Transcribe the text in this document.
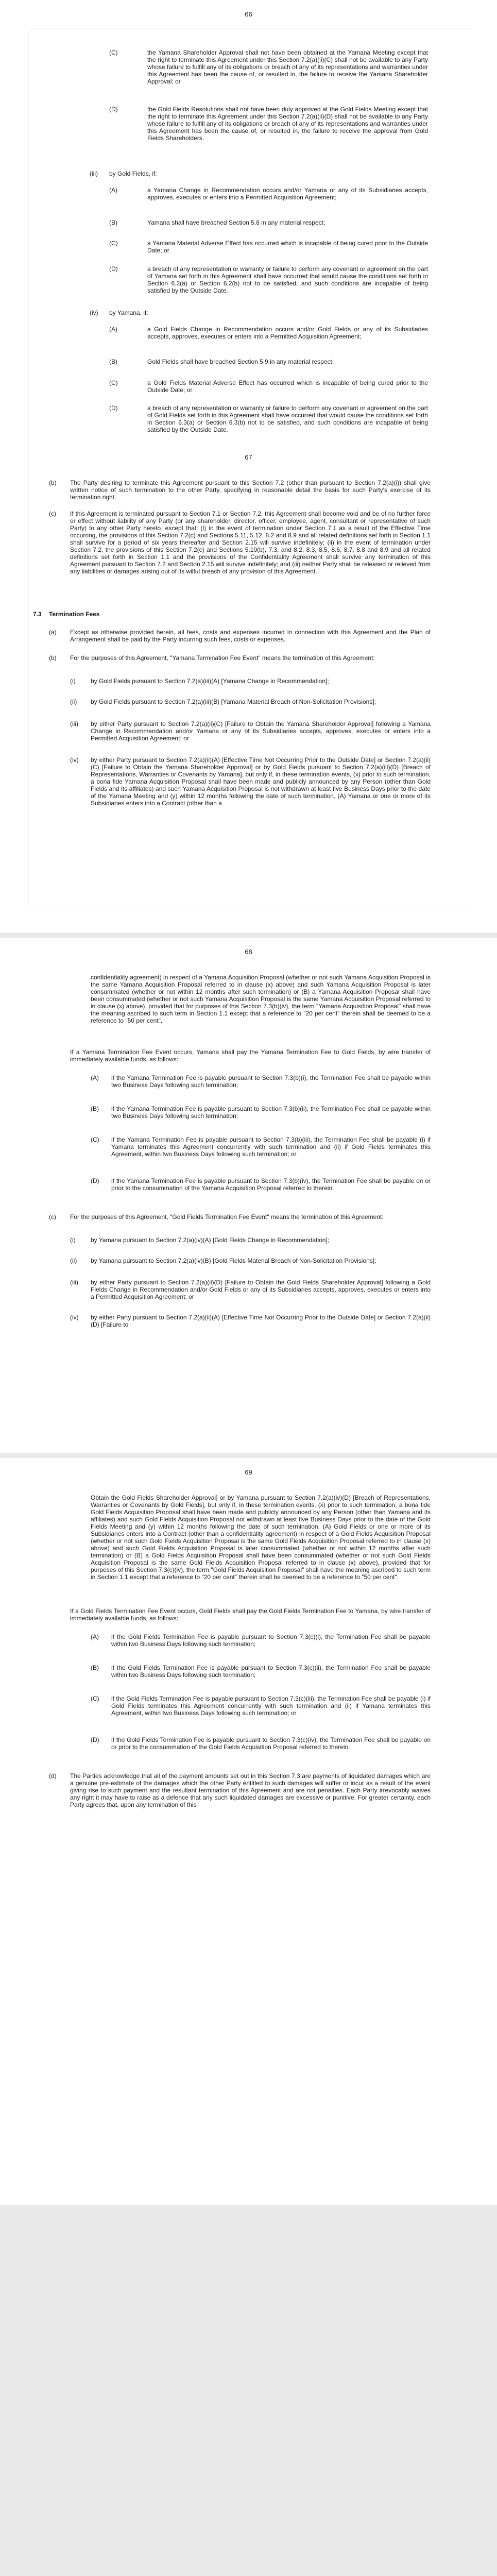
66
(C)	the Yamana Shareholder Approval shall not have been obtained at the Yamana Meeting except that the right to terminate this Agreement under this Section 7.2(a)(ii)(C) shall not be available to any Party whose failure to fulfill any of its obligations or breach of any of its representations and warranties under this Agreement has been the cause of, or resulted in, the failure to receive the Yamana Shareholder Approval; or

(D)	the Gold Fields Resolutions shall not have been duly approved at the Gold Fields Meeting except that the right to terminate this Agreement under this Section 7.2(a)(ii)(D) shall not be available to any Party whose failure to fulfill any of its obligations or breach of any of its representations and warranties under this Agreement has been the cause of, or resulted in, the failure to receive the approval from Gold Fields Shareholders.

(iii) by Gold Fields, if:

(A)	a Yamana Change in Recommendation occurs and/or Yamana or any of its Subsidiaries accepts, approves, executes or enters into a Permitted Acquisition Agreement;

(B)	Yamana shall have breached Section 5.8 in any material respect;

(C)	a Yamana Material Adverse Effect has occurred which is incapable of being cured prior to the Outside Date; or

(D)	a breach of any representation or warranty or failure to perform any covenant or agreement on the part of Yamana set forth in this Agreement shall have occurred that would cause the conditions set forth in Section 6.2(a) or Section 6.2(b) not to be satisfied, and such conditions are incapable of being satisfied by the Outside Date.

(iv) by Yamana, if:

(A)	a Gold Fields Change in Recommendation occurs and/or Gold Fields or any of its Subsidiaries accepts, approves, executes or enters into a Permitted Acquisition Agreement;

(B)	Gold Fields shall have breached Section 5.9 in any material respect;

(C)	a Gold Fields Material Adverse Effect has occurred which is incapable of being cured prior to the Outside Date; or

(D)	a breach of any representation or warranty or failure to perform any covenant or agreement on the part of Gold Fields set forth in this Agreement shall have occurred that would cause the conditions set forth in Section 6.3(a) or Section 6.3(b) not to be satisfied, and such conditions are incapable of being satisfied by the Outside Date.

67
(b) The Party desiring to terminate this Agreement pursuant to this Section 7.2 (other than pursuant to Section 7.2(a)(i)) shall give written notice of such termination to the other Party, specifying in reasonable detail the basis for such Party's exercise of its termination right.

(c) If this Agreement is terminated pursuant to Section 7.1 or Section 7.2, this Agreement shall become void and be of no further force or effect without liability of any Party (or any shareholder, director, officer, employee, agent, consultant or representative of such Party) to any other Party hereto, except that: (i) in the event of termination under Section 7.1 as a result of the Effective Time occurring, the provisions of this Section 7.2(c) and Sections 5.11, 5.12, 8.2 and 8.9 and all related definitions set forth in Section 1.1 shall survive for a period of six years thereafter and Section 2.15 will survive indefinitely; (ii) in the event of termination under Section 7.2, the provisions of this Section 7.2(c) and Sections 5.10(b), 7.3, and 8.2, 8.3, 8.5, 8.6, 8.7, 8.8 and 8.9 and all related definitions set forth in Section 1.1 and the provisions of the Confidentiality Agreement shall survive any termination of this Agreement pursuant to Section 7.2 and Section 2.15 will survive indefinitely; and (iii) neither Party shall be released or relieved from any liabilities or damages arising out of its wilful breach of any provision of this Agreement.

7.3 Termination Fees
(a) Except as otherwise provided herein, all fees, costs and expenses incurred in connection with this Agreement and the Plan of Arrangement shall be paid by the Party incurring such fees, costs or expenses.

(b) For the purposes of this Agreement, "Yamana Termination Fee Event" means the termination of this Agreement:

(i) by Gold Fields pursuant to Section 7.2(a)(iii)(A) [Yamana Change in Recommendation];

(ii) by Gold Fields pursuant to Section 7.2(a)(iii)(B) [Yamana Material Breach of Non-Solicitation Provisions];

(iii) by either Party pursuant to Section 7.2(a)(ii)(C) [Failure to Obtain the Yamana Shareholder Approval] following a Yamana Change in Recommendation and/or Yamana or any of its Subsidiaries accepts, approves, executes or enters into a Permitted Acquisition Agreement; or

(iv) by either Party pursuant to Section 7.2(a)(ii)(A) [Effective Time Not Occurring Prior to the Outside Date] or Section 7.2(a)(ii)(C) [Failure to Obtain the Yamana Shareholder Approval] or by Gold Fields pursuant to Section 7.2(a)(iii)(D) [Breach of Representations, Warranties or Covenants by Yamana], but only if, in these termination events, (x) prior to such termination, a bona fide Yamana Acquisition Proposal shall have been made and publicly announced by any Person (other than Gold Fields and its affiliates) and such Yamana Acquisition Proposal is not withdrawn at least five Business Days prior to the date of the Yamana Meeting and (y) within 12 months following the date of such termination, (A) Yamana or one or more of its Subsidiaries enters into a Contract (other than a

68

confidentiality agreement) in respect of a Yamana Acquisition Proposal (whether or not such Yamana Acquisition Proposal is the same Yamana Acquisition Proposal referred to in clause (x) above) and such Yamana Acquisition Proposal is later consummated (whether or not within 12 months after such termination) or (B) a Yamana Acquisition Proposal shall have been consummated (whether or not such Yamana Acquisition Proposal is the same Yamana Acquisition Proposal referred to in clause (x) above), provided that for purposes of this Section 7.3(b)(iv), the term "Yamana Acquisition Proposal" shall have the meaning ascribed to such term in Section 1.1 except that a reference to "20 per cent" therein shall be deemed to be a reference to "50 per cent".

If a Yamana Termination Fee Event occurs, Yamana shall pay the Yamana Termination Fee to Gold Fields, by wire transfer of immediately available funds, as follows:

(A) if the Yamana Termination Fee is payable pursuant to Section 7.3(b)(i), the Termination Fee shall be payable within two Business Days following such termination;

(B) if the Yamana Termination Fee is payable pursuant to Section 7.3(b)(ii), the Termination Fee shall be payable within two Business Days following such termination;

(C) if the Yamana Termination Fee is payable pursuant to Section 7.3(b)(iii), the Termination Fee shall be payable (i) if Yamana terminates this Agreement concurrently with such termination and (ii) if Gold Fields terminates this Agreement, within two Business Days following such termination; or

(D) if the Yamana Termination Fee is payable pursuant to Section 7.3(b)(iv), the Termination Fee shall be payable on or prior to the consummation of the Yamana Acquisition Proposal referred to therein.

(c) For the purposes of this Agreement, "Gold Fields Termination Fee Event" means the termination of this Agreement:

(i) by Yamana pursuant to Section 7.2(a)(iv)(A) [Gold Fields Change in Recommendation];

(ii) by Yamana pursuant to Section 7.2(a)(iv)(B) [Gold Fields Material Breach of Non-Solicitation Provisions];

(iii) by either Party pursuant to Section 7.2(a)(ii)(D) [Failure to Obtain the Gold Fields Shareholder Approval] following a Gold Fields Change in Recommendation and/or Gold Fields or any of its Subsidiaries accepts, approves, executes or enters into a Permitted Acquisition Agreement; or

(iv) by either Party pursuant to Section 7.2(a)(ii)(A) [Effective Time Not Occurring Prior to the Outside Date] or Section 7.2(a)(ii)(D) [Failure to

69

Obtain the Gold Fields Shareholder Approval] or by Yamana pursuant to Section 7.2(a)(iv)(D) [Breach of Representations, Warranties or Covenants by Gold Fields], but only if, in these termination events, (x) prior to such termination, a bona fide Gold Fields Acquisition Proposal shall have been made and publicly announced by any Person (other than Yamana and its affiliates) and such Gold Fields Acquisition Proposal not withdrawn at least five Business Days prior to the date of the Gold Fields Meeting and (y) within 12 months following the date of such termination, (A) Gold Fields or one or more of its Subsidiaries enters into a Contract (other than a confidentiality agreement) in respect of a Gold Fields Acquisition Proposal (whether or not such Gold Fields Acquisition Proposal is the same Gold Fields Acquisition Proposal referred to in clause (x) above) and such Gold Fields Acquisition Proposal is later consummated (whether or not within 12 months after such termination) or (B) a Gold Fields Acquisition Proposal shall have been consummated (whether or not such Gold Fields Acquisition Proposal is the same Gold Fields Acquisition Proposal referred to in clause (x) above), provided that for purposes of this Section 7.3(c)(iv), the term "Gold Fields Acquisition Proposal" shall have the meaning ascribed to such term in Section 1.1 except that a reference to "20 per cent" therein shall be deemed to be a reference to "50 per cent".

If a Gold Fields Termination Fee Event occurs, Gold Fields shall pay the Gold Fields Termination Fee to Yamana, by wire transfer of immediately available funds, as follows:

(A) if the Gold Fields Termination Fee is payable pursuant to Section 7.3(c)(i), the Termination Fee shall be payable within two Business Days following such termination;

(B) if the Gold Fields Termination Fee is payable pursuant to Section 7.3(c)(ii), the Termination Fee shall be payable within two Business Days following such termination;

(C) if the Gold Fields Termination Fee is payable pursuant to Section 7.3(c)(iii), the Termination Fee shall be payable (i) if Gold Fields terminates this Agreement concurrently with such termination and (ii) if Yamana terminates this Agreement, within two Business Days following such termination; or

(D) if the Gold Fields Termination Fee is payable pursuant to Section 7.3(c)(iv), the Termination Fee shall be payable on or prior to the consummation of the Gold Fields Acquisition Proposal referred to therein.

(d) The Parties acknowledge that all of the payment amounts set out in this Section 7.3 are payments of liquidated damages which are a genuine pre-estimate of the damages which the other Party entitled to such damages will suffer or incur as a result of the event giving rise to such payment and the resultant termination of this Agreement and are not penalties. Each Party irrevocably waives any right it may have to raise as a defence that any such liquidated damages are excessive or punitive. For greater certainty, each Party agrees that, upon any termination of this
